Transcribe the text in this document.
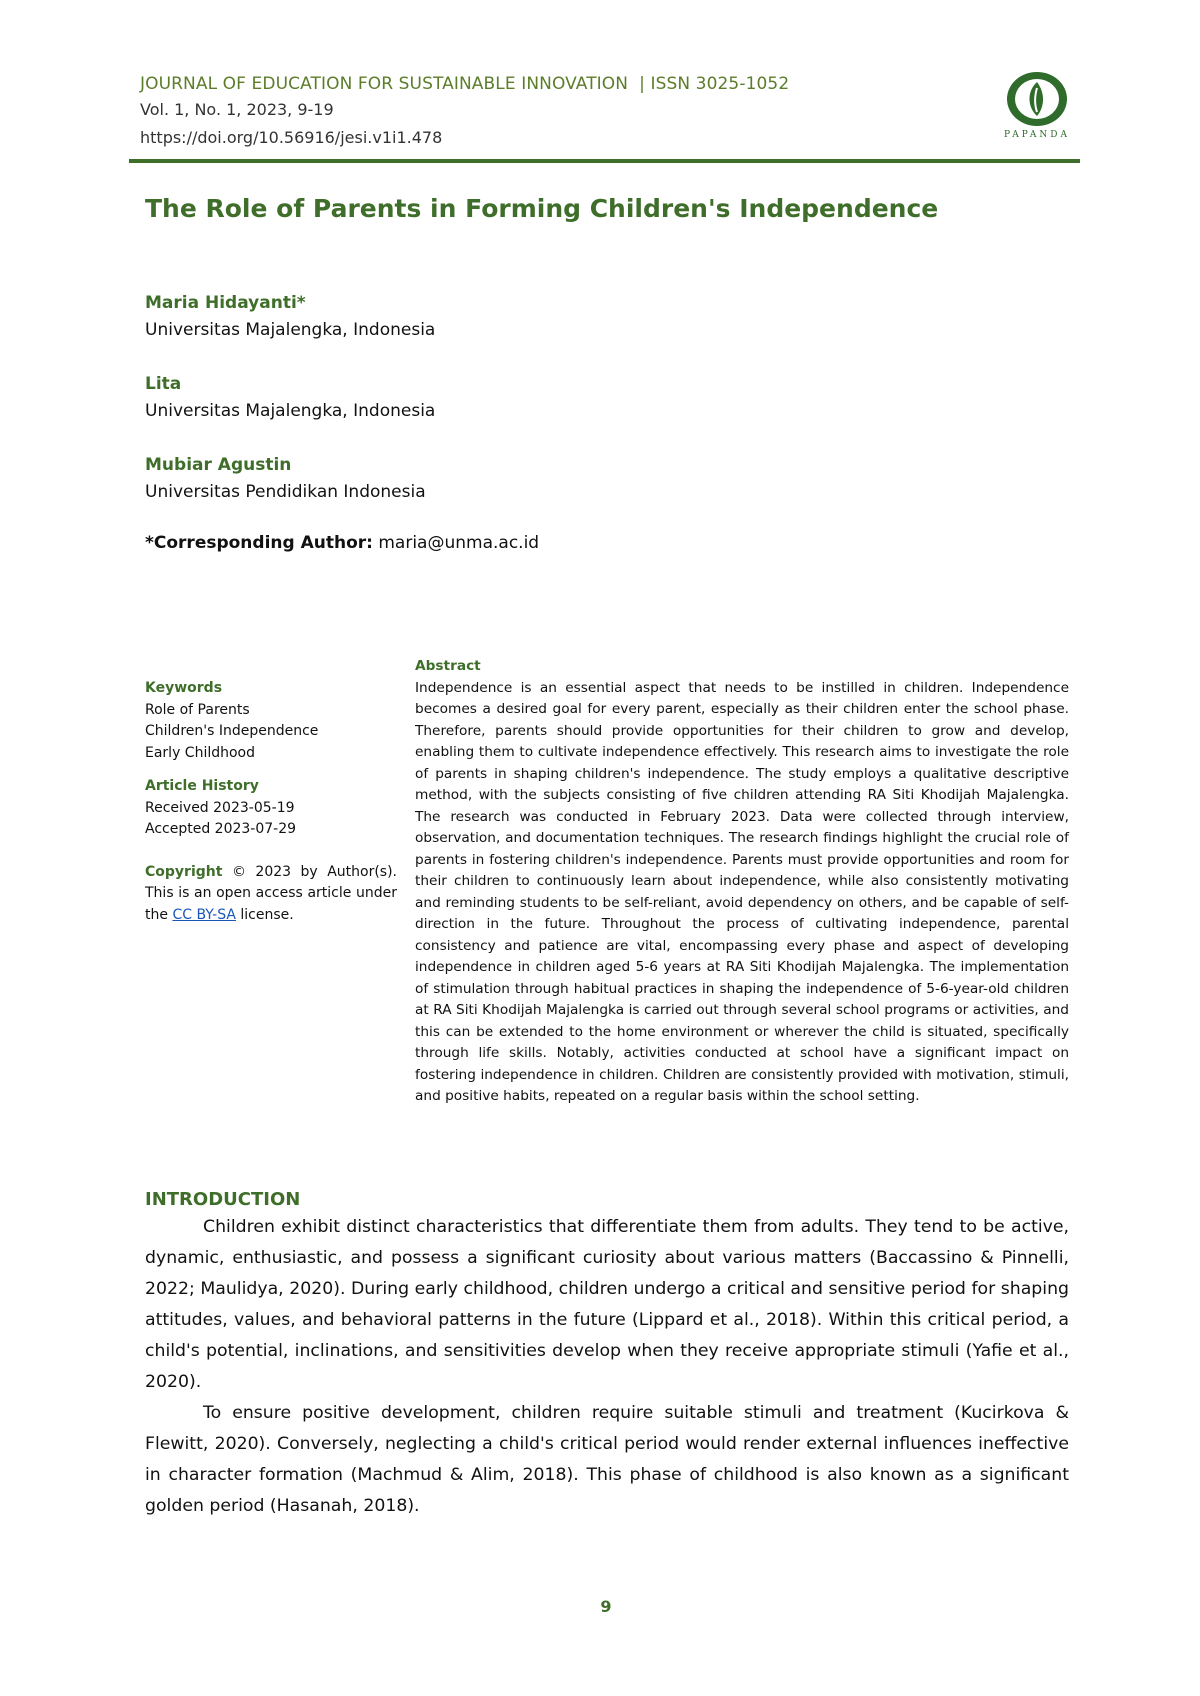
JOURNAL OF EDUCATION FOR SUSTAINABLE INNOVATION  | ISSN 3025-1052
Vol. 1, No. 1, 2023, 9-19
https://doi.org/10.56916/jesi.v1i1.478	PAPANDA
The Role of Parents in Forming Children's Independence
Maria Hidayanti*
Universitas Majalengka, Indonesia
Lita
Universitas Majalengka, Indonesia
Mubiar Agustin
Universitas Pendidikan Indonesia
*Corresponding Author: maria@unma.ac.id
Keywords
Role of Parents
Children's Independence
Early Childhood
Article History
Received 2023-05-19
Accepted 2023-07-29
Copyright © 2023 by Author(s). This is an open access article under the CC BY-SA license.
Abstract
Independence is an essential aspect that needs to be instilled in children. Independence becomes a desired goal for every parent, especially as their children enter the school phase. Therefore, parents should provide opportunities for their children to grow and develop, enabling them to cultivate independence effectively. This research aims to investigate the role of parents in shaping children's independence. The study employs a qualitative descriptive method, with the subjects consisting of five children attending RA Siti Khodijah Majalengka. The research was conducted in February 2023. Data were collected through interview, observation, and documentation techniques. The research findings highlight the crucial role of parents in fostering children's independence. Parents must provide opportunities and room for their children to continuously learn about independence, while also consistently motivating and reminding students to be self-reliant, avoid dependency on others, and be capable of self-direction in the future. Throughout the process of cultivating independence, parental consistency and patience are vital, encompassing every phase and aspect of developing independence in children aged 5-6 years at RA Siti Khodijah Majalengka. The implementation of stimulation through habitual practices in shaping the independence of 5-6-year-old children at RA Siti Khodijah Majalengka is carried out through several school programs or activities, and this can be extended to the home environment or wherever the child is situated, specifically through life skills. Notably, activities conducted at school have a significant impact on fostering independence in children. Children are consistently provided with motivation, stimuli, and positive habits, repeated on a regular basis within the school setting.
INTRODUCTION

Children exhibit distinct characteristics that differentiate them from adults. They tend to be active, dynamic, enthusiastic, and possess a significant curiosity about various matters (Baccassino & Pinnelli, 2022; Maulidya, 2020). During early childhood, children undergo a critical and sensitive period for shaping attitudes, values, and behavioral patterns in the future (Lippard et al., 2018). Within this critical period, a child's potential, inclinations, and sensitivities develop when they receive appropriate stimuli (Yafie et al., 2020).

To ensure positive development, children require suitable stimuli and treatment (Kucirkova & Flewitt, 2020). Conversely, neglecting a child's critical period would render external influences ineffective in character formation (Machmud & Alim, 2018). This phase of childhood is also known as a significant golden period (Hasanah, 2018).

9
